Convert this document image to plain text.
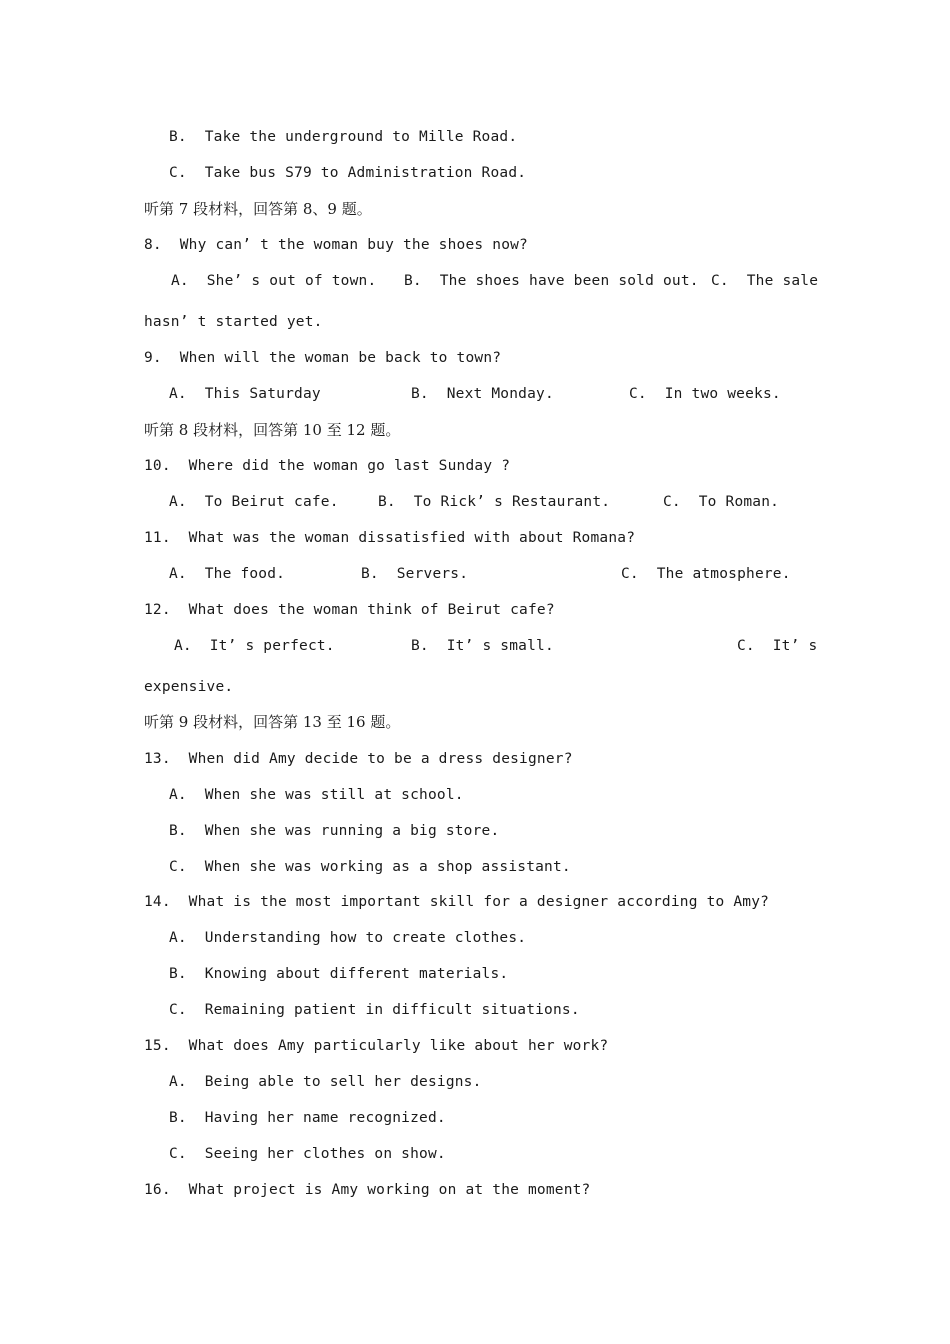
B.  Take the underground to Mille Road.
C.  Take bus S79 to Administration Road.
听第 7 段材料，回答第 8、9 题。
8.  Why can’ t the woman buy the shoes now?
A.  She’ s out of town. B.  The shoes have been sold out. C.  The sale
hasn’ t started yet.
9.  When will the woman be back to town?
A.  This Saturday	B.  Next Monday.	C.  In two weeks.
听第 8 段材料，回答第 10 至 12 题。
10.  Where did the woman go last Sunday ?
A.  To Beirut cafe.	B.  To Rick’ s Restaurant.	C.  To Roman.
11.  What was the woman dissatisfied with about Romana?
A.  The food.	B.  Servers.	C.  The atmosphere.
12.  What does the woman think of Beirut cafe?
A.  It’ s perfect.	B.  It’ s small.	C.  It’ s
expensive.
听第 9 段材料，回答第 13 至 16 题。
13.  When did Amy decide to be a dress designer?
A.  When she was still at school.
B.  When she was running a big store.
C.  When she was working as a shop assistant.
14.  What is the most important skill for a designer according to Amy?
A.  Understanding how to create clothes.
B.  Knowing about different materials.
C.  Remaining patient in difficult situations.
15.  What does Amy particularly like about her work?
A.  Being able to sell her designs.
B.  Having her name recognized.
C.  Seeing her clothes on show.
16.  What project is Amy working on at the moment?
